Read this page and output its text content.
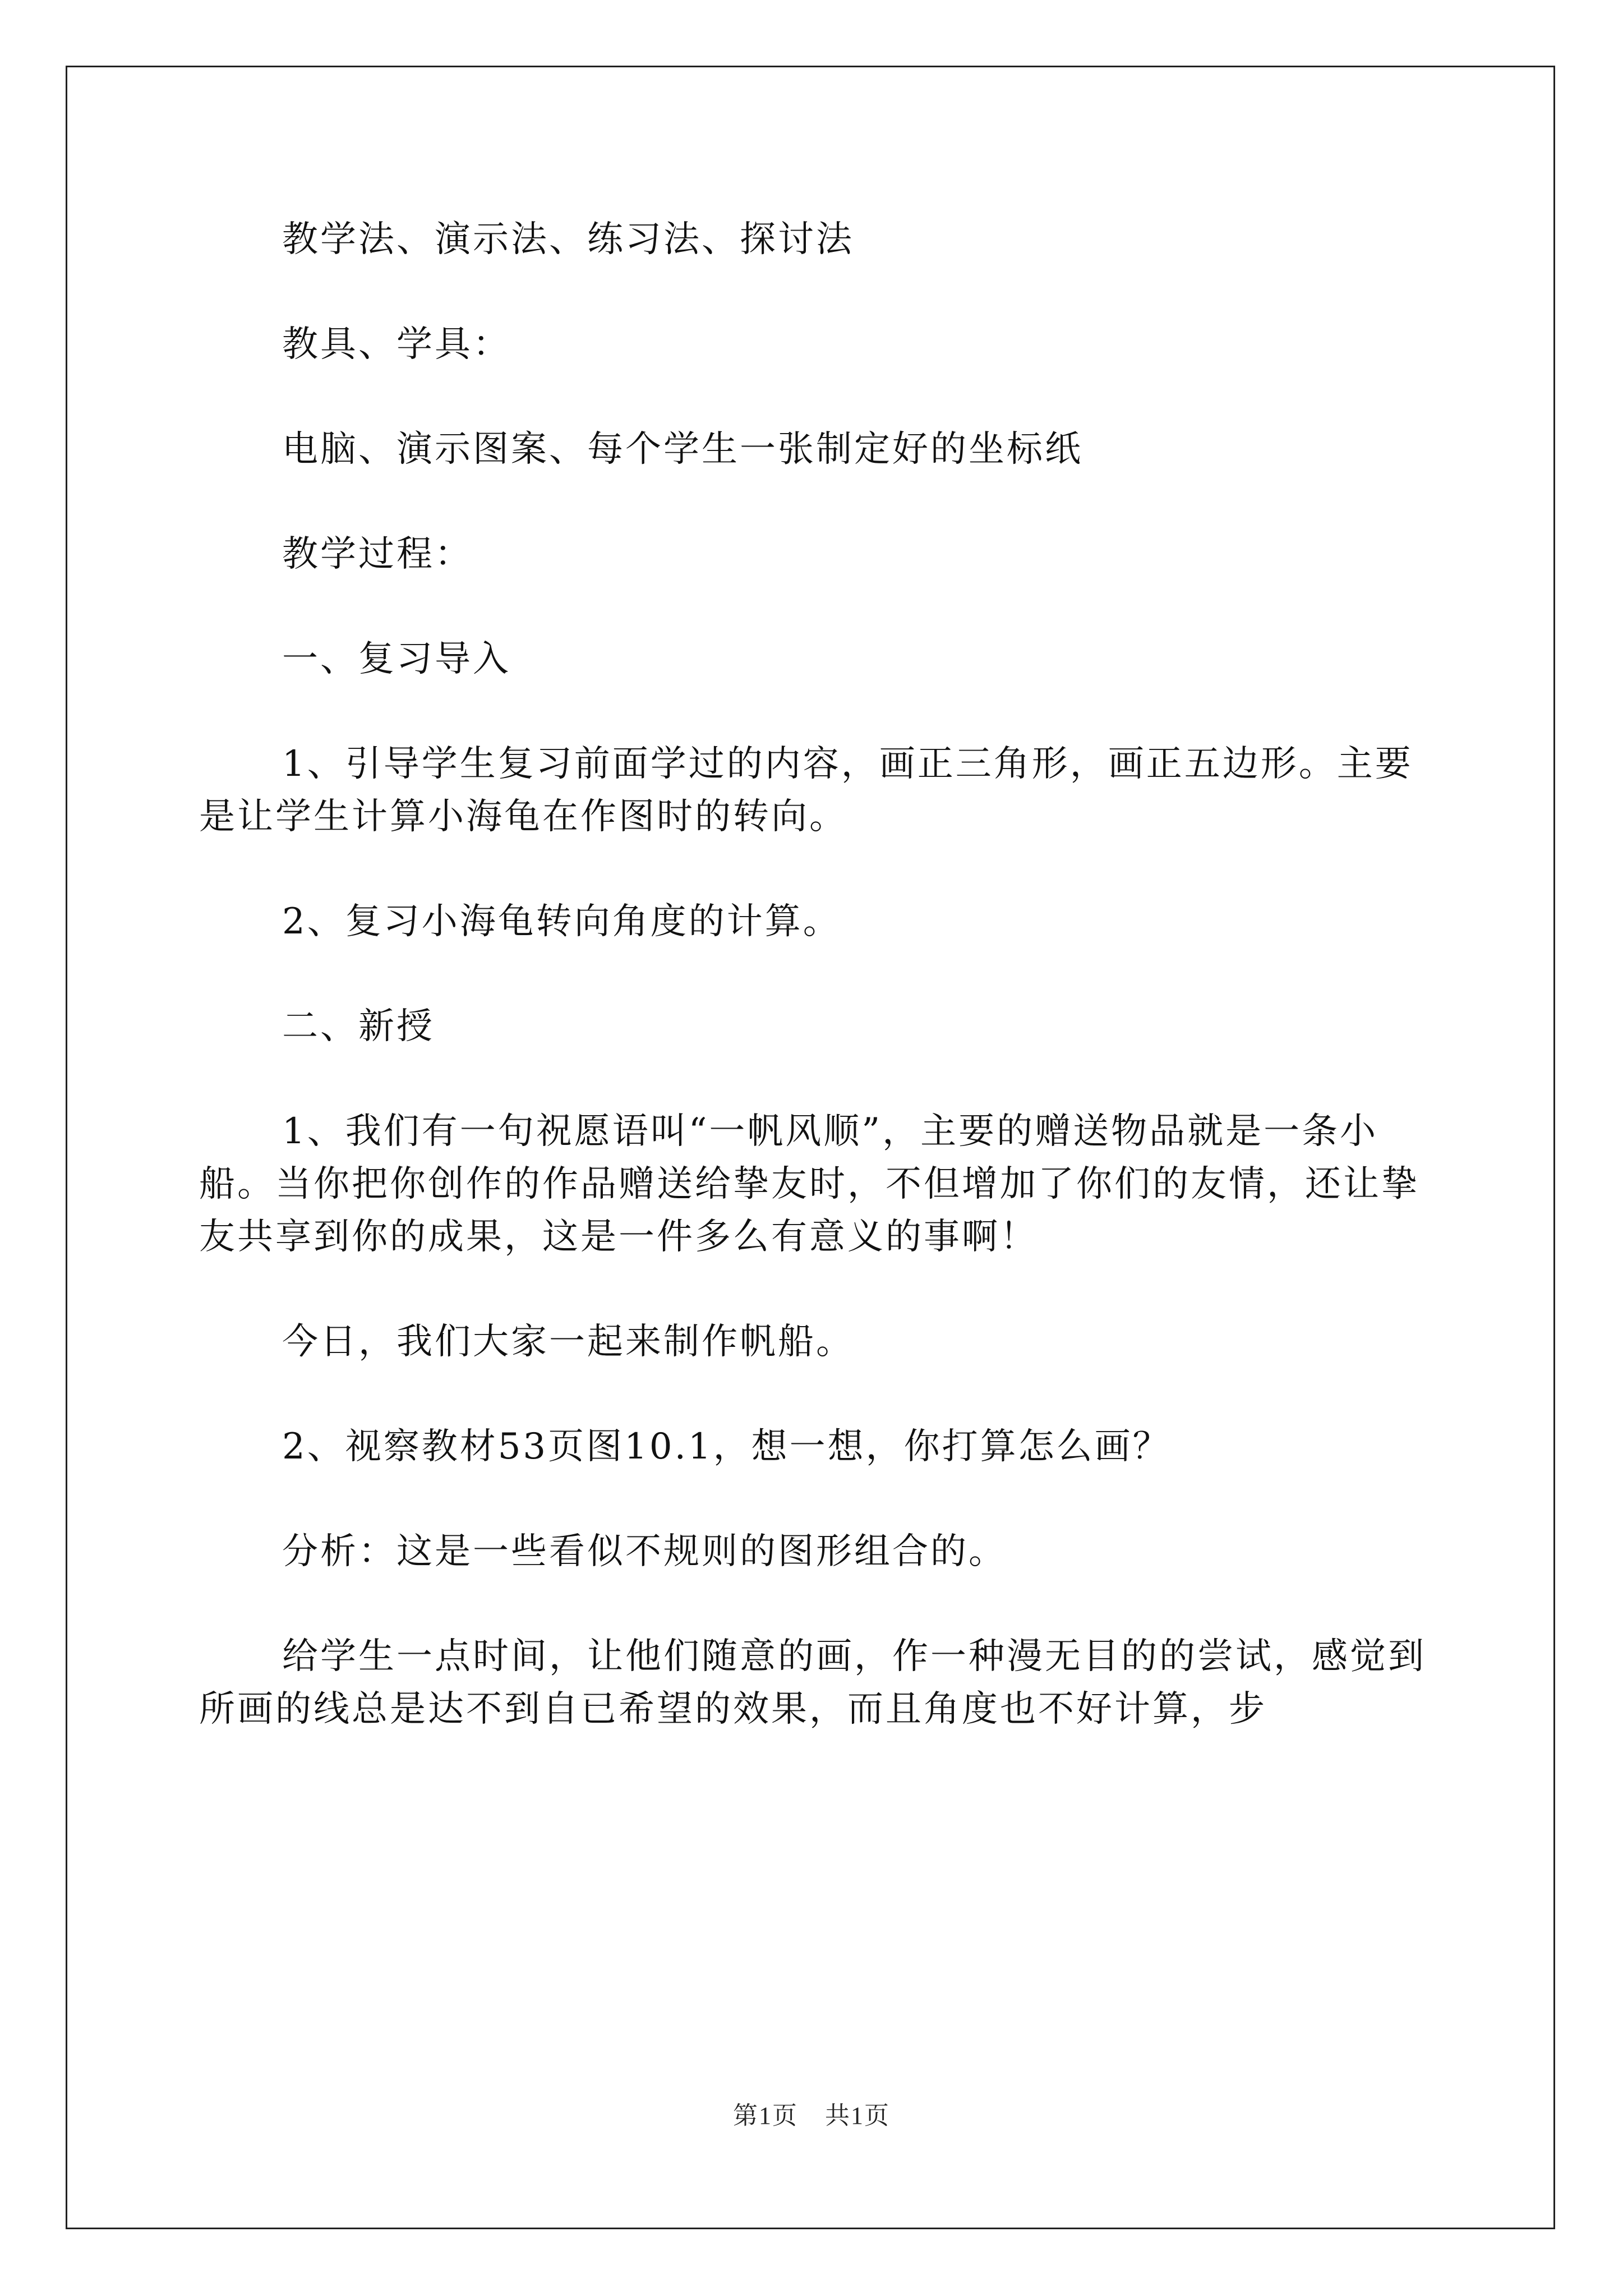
教学法、演示法、练习法、探讨法

教具、学具：

电脑、演示图案、每个学生一张制定好的坐标纸

教学过程：

一、复习导入

1、引导学生复习前面学过的内容，画正三角形，画正五边形。主要是让学生计算小海龟在作图时的转向。

2、复习小海龟转向角度的计算。

二、新授

1、我们有一句祝愿语叫“一帆风顺”，主要的赠送物品就是一条小船。当你把你创作的作品赠送给挚友时，不但增加了你们的友情，还让挚友共享到你的成果，这是一件多么有意义的事啊！

今日，我们大家一起来制作帆船。

2、视察教材53页图10.1，想一想，你打算怎么画？

分析：这是一些看似不规则的图形组合的。

给学生一点时间，让他们随意的画，作一种漫无目的的尝试，感觉到所画的线总是达不到自已希望的效果，而且角度也不好计算，步

第1页 共1页
